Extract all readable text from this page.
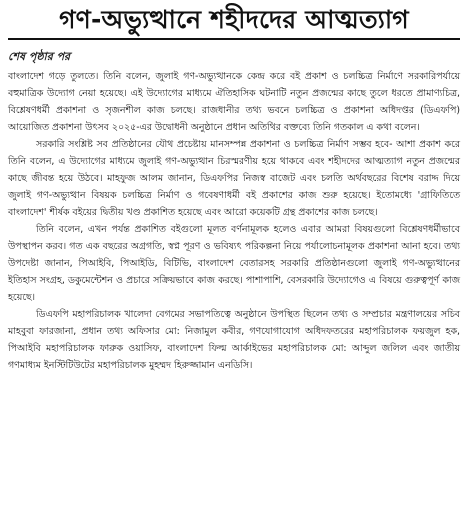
গণ-অভ্যুত্থানে শহীদদের আত্মত্যাগ
শেষ পৃষ্ঠার পর

বাংলাদেশ গড়ে তুলতে। তিনি বলেন, জুলাই গণ-অভ্যুত্থানকে কেন্দ্র করে বই প্রকাশ ও চলচ্চিত্র নির্মাণে সরকারিপর্যায়ে বহুমাত্রিক উদ্যোগ নেয়া হয়েছে। এই উদ্যোগের মাধ্যমে ঐতিহাসিক ঘটনাটি নতুন প্রজন্মের কাছে তুলে ধরতে প্রামাণ্যচিত্র, বিশ্লেষণধর্মী প্রকাশনা ও সৃজনশীল কাজ চলছে। রাজধানীর তথ্য ভবনে চলচ্চিত্র ও প্রকাশনা অধিদপ্তর (ডিএফপি) আয়োজিত প্রকাশনা উৎসব ২০২৫-এর উদ্বোধনী অনুষ্ঠানে প্রধান অতিথির বক্তব্যে তিনি গতকাল এ কথা বলেন।

সরকারি সংশ্লিষ্ট সব প্রতিষ্ঠানের যৌথ প্রচেষ্টায় মানসম্পন্ন প্রকাশনা ও চলচ্চিত্র নির্মাণ সম্ভব হবে- আশা প্রকাশ করে তিনি বলেন, এ উদ্যোগের মাধ্যমে জুলাই গণ-অভ্যুত্থান চিরস্মরণীয় হয়ে থাকবে এবং শহীদদের আত্মত্যাগ নতুন প্রজন্মের কাছে জীবন্ত হয়ে উঠবে। মাহফুজ আলম জানান, ডিএফপির নিজস্ব বাজেট এবং চলতি অর্থবছরের বিশেষ বরাদ্দ দিয়ে জুলাই গণ-অভ্যুত্থান বিষয়ক চলচ্চিত্র নির্মাণ ও গবেষণাধর্মী বই প্রকাশের কাজ শুরু হয়েছে। ইতোমধ্যে 'গ্রাফিতিতে বাংলাদেশ' শীর্ষক বইয়ের দ্বিতীয় খণ্ড প্রকাশিত হয়েছে এবং আরো কয়েকটি গ্রন্থ প্রকাশের কাজ চলছে।

তিনি বলেন, এখন পর্যন্ত প্রকাশিত বইগুলো মূলত বর্ণনামূলক হলেও এবার আমরা বিষয়গুলো বিশ্লেষণধর্মীভাবে উপস্থাপন করব। গত এক বছরের অগ্রগতি, স্বপ্ন পূরণ ও ভবিষ্যৎ পরিকল্পনা নিয়ে পর্যালোচনামূলক প্রকাশনা আনা হবে। তথ্য উপদেষ্টা জানান, পিআইবি, পিআইডি, বিটিভি, বাংলাদেশ বেতারসহ সরকারি প্রতিষ্ঠানগুলো জুলাই গণ-অভ্যুত্থানের ইতিহাস সংগ্রহ, ডকুমেন্টেশন ও প্রচারে সক্রিয়ভাবে কাজ করছে। পাশাপাশি, বেসরকারি উদ্যোগেও এ বিষয়ে গুরুত্বপূর্ণ কাজ হয়েছে।

ডিএফপি মহাপরিচালক খালেদা বেগমের সভাপতিত্বে অনুষ্ঠানে উপস্থিত ছিলেন তথ্য ও সম্প্রচার মন্ত্রণালয়ের সচিব মাহবুবা ফারজানা, প্রধান তথ্য অফিসার মো: নিজামুল কবীর, গণযোগাযোগ অধিদফতরের মহাপরিচালক ফয়জুল হক, পিআইবি মহাপরিচালক ফারুক ওয়াসিফ, বাংলাদেশ ফিল্ম আর্কাইভের মহাপরিচালক মো: আব্দুল জলিল এবং জাতীয় গণমাধ্যম ইনস্টিটিউটের মহাপরিচালক মুহম্মদ হিরুজ্জামান এনডিসি।
